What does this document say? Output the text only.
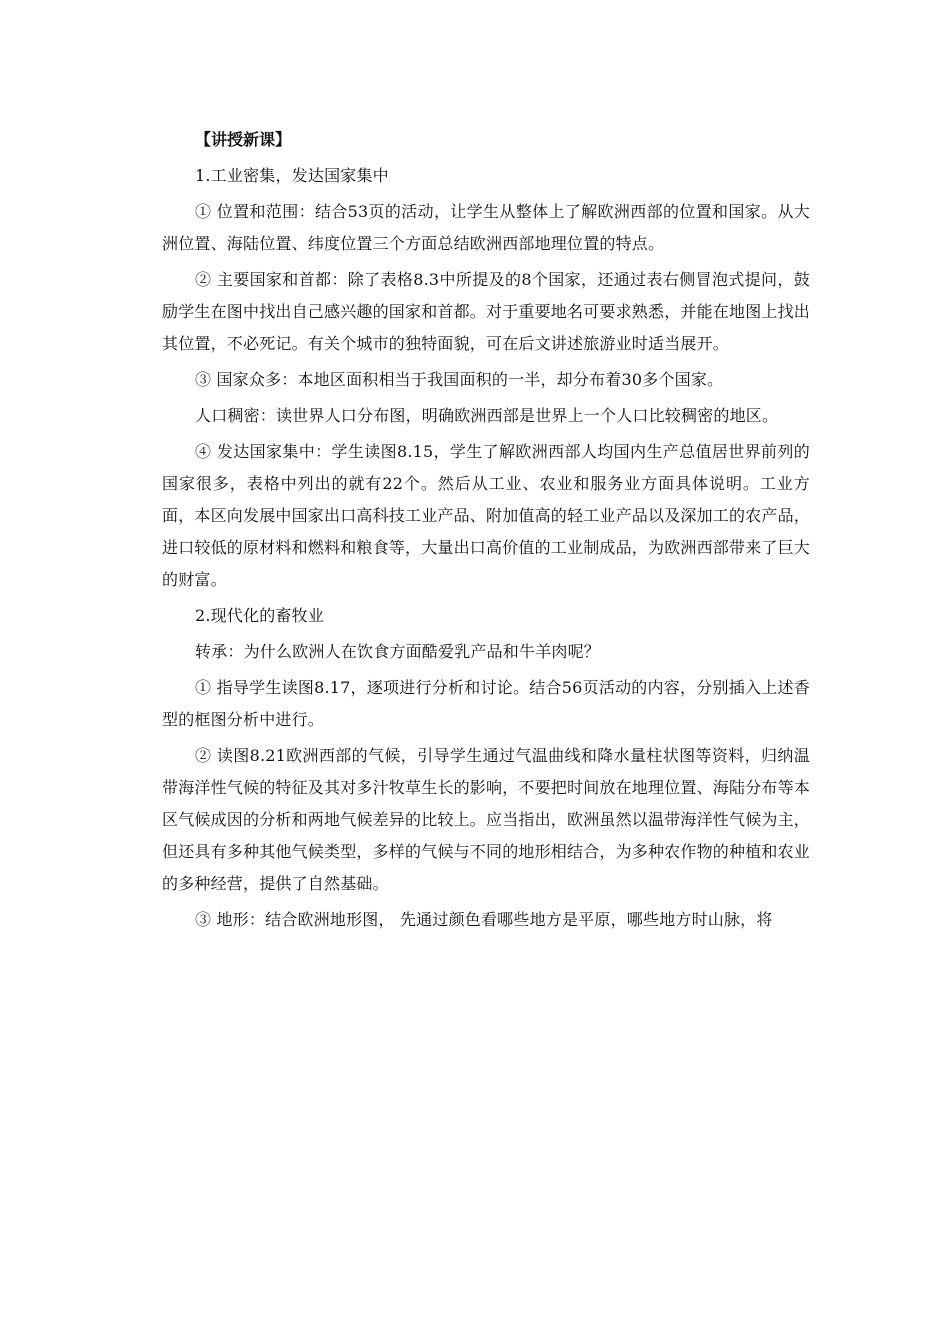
【讲授新课】

1.工业密集，发达国家集中

① 位置和范围：结合53页的活动，让学生从整体上了解欧洲西部的位置和国家。从大洲位置、海陆位置、纬度位置三个方面总结欧洲西部地理位置的特点。

② 主要国家和首都：除了表格8.3中所提及的8个国家，还通过表右侧冒泡式提问，鼓励学生在图中找出自己感兴趣的国家和首都。对于重要地名可要求熟悉，并能在地图上找出其位置，不必死记。有关个城市的独特面貌，可在后文讲述旅游业时适当展开。

③ 国家众多：本地区面积相当于我国面积的一半，却分布着30多个国家。

人口稠密：读世界人口分布图，明确欧洲西部是世界上一个人口比较稠密的地区。

④ 发达国家集中：学生读图8.15，学生了解欧洲西部人均国内生产总值居世界前列的国家很多，表格中列出的就有22个。然后从工业、农业和服务业方面具体说明。工业方面，本区向发展中国家出口高科技工业产品、附加值高的轻工业产品以及深加工的农产品，进口较低的原材料和燃料和粮食等，大量出口高价值的工业制成品，为欧洲西部带来了巨大的财富。

2.现代化的畜牧业

转承：为什么欧洲人在饮食方面酷爱乳产品和牛羊肉呢？

① 指导学生读图8.17，逐项进行分析和讨论。结合56页活动的内容，分别插入上述香型的框图分析中进行。

② 读图8.21欧洲西部的气候，引导学生通过气温曲线和降水量柱状图等资料，归纳温带海洋性气候的特征及其对多汁牧草生长的影响，不要把时间放在地理位置、海陆分布等本区气候成因的分析和两地气候差异的比较上。应当指出，欧洲虽然以温带海洋性气候为主，但还具有多种其他气候类型，多样的气候与不同的地形相结合，为多种农作物的种植和农业的多种经营，提供了自然基础。

③ 地形：结合欧洲地形图， 先通过颜色看哪些地方是平原，哪些地方时山脉，将
